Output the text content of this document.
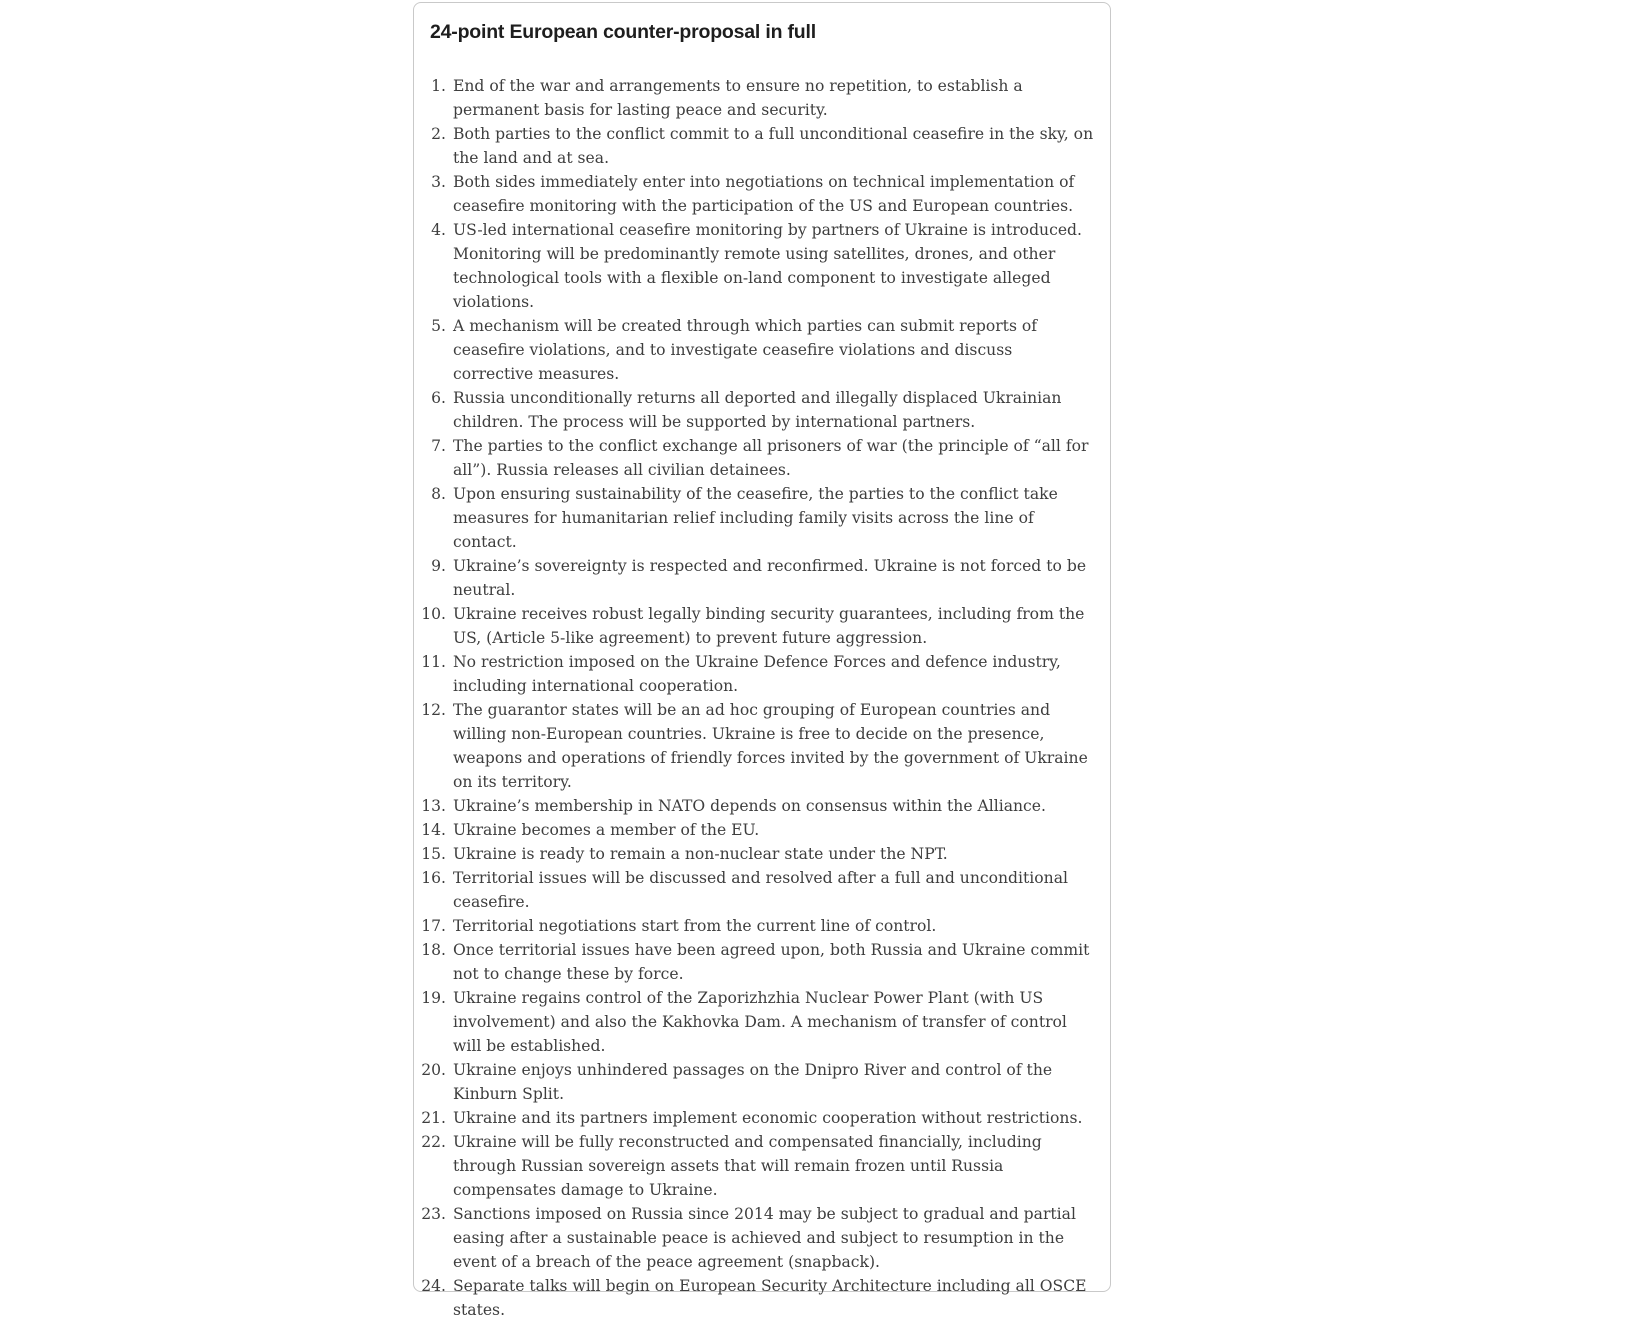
24-point European counter-proposal in full
1. End of the war and arrangements to ensure no repetition, to establish a permanent basis for lasting peace and security.
2. Both parties to the conflict commit to a full unconditional ceasefire in the sky, on the land and at sea.
3. Both sides immediately enter into negotiations on technical implementation of ceasefire monitoring with the participation of the US and European countries.
4. US-led international ceasefire monitoring by partners of Ukraine is introduced. Monitoring will be predominantly remote using satellites, drones, and other technological tools with a flexible on-land component to investigate alleged violations.
5. A mechanism will be created through which parties can submit reports of ceasefire violations, and to investigate ceasefire violations and discuss corrective measures.
6. Russia unconditionally returns all deported and illegally displaced Ukrainian children. The process will be supported by international partners.
7. The parties to the conflict exchange all prisoners of war (the principle of “all for all”). Russia releases all civilian detainees.
8. Upon ensuring sustainability of the ceasefire, the parties to the conflict take measures for humanitarian relief including family visits across the line of contact.
9. Ukraine’s sovereignty is respected and reconfirmed. Ukraine is not forced to be neutral.
10. Ukraine receives robust legally binding security guarantees, including from the US, (Article 5-like agreement) to prevent future aggression.
11. No restriction imposed on the Ukraine Defence Forces and defence industry, including international cooperation.
12. The guarantor states will be an ad hoc grouping of European countries and willing non-European countries. Ukraine is free to decide on the presence, weapons and operations of friendly forces invited by the government of Ukraine on its territory.
13. Ukraine’s membership in NATO depends on consensus within the Alliance.
14. Ukraine becomes a member of the EU.
15. Ukraine is ready to remain a non-nuclear state under the NPT.
16. Territorial issues will be discussed and resolved after a full and unconditional ceasefire.
17. Territorial negotiations start from the current line of control.
18. Once territorial issues have been agreed upon, both Russia and Ukraine commit not to change these by force.
19. Ukraine regains control of the Zaporizhzhia Nuclear Power Plant (with US involvement) and also the Kakhovka Dam. A mechanism of transfer of control will be established.
20. Ukraine enjoys unhindered passages on the Dnipro River and control of the Kinburn Split.
21. Ukraine and its partners implement economic cooperation without restrictions.
22. Ukraine will be fully reconstructed and compensated financially, including through Russian sovereign assets that will remain frozen until Russia compensates damage to Ukraine.
23. Sanctions imposed on Russia since 2014 may be subject to gradual and partial easing after a sustainable peace is achieved and subject to resumption in the event of a breach of the peace agreement (snapback).
24. Separate talks will begin on European Security Architecture including all OSCE states.
